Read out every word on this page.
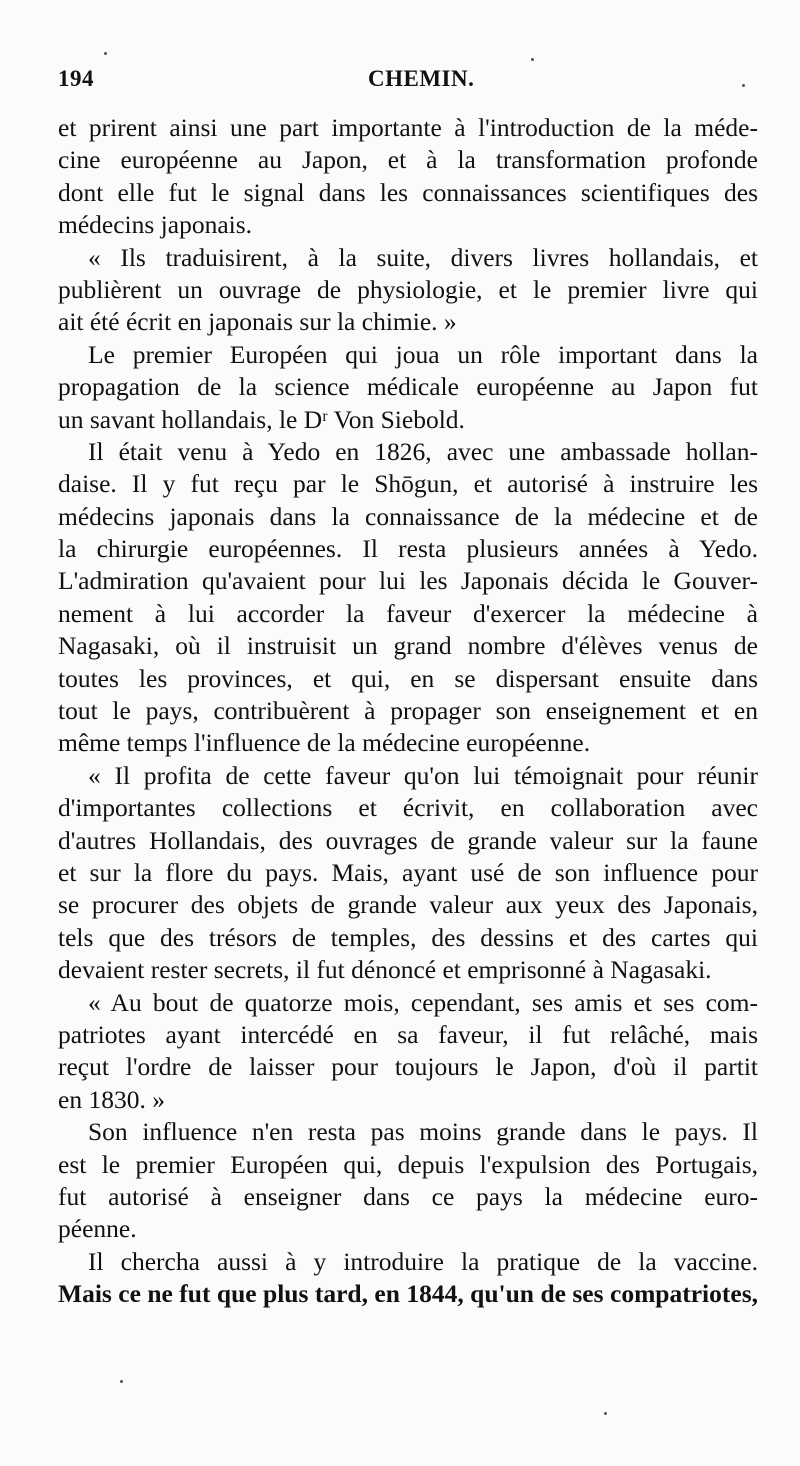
194	CHEMIN.
et prirent ainsi une part importante à l'introduction de la méde-
cine européenne au Japon, et à la transformation profonde
dont elle fut le signal dans les connaissances scientifiques des
médecins japonais.
« Ils traduisirent, à la suite, divers livres hollandais, et
publièrent un ouvrage de physiologie, et le premier livre qui
ait été écrit en japonais sur la chimie. »
Le premier Européen qui joua un rôle important dans la
propagation de la science médicale européenne au Japon fut
un savant hollandais, le Dʳ Von Siebold.
Il était venu à Yedo en 1826, avec une ambassade hollan-
daise. Il y fut reçu par le Shōgun, et autorisé à instruire les
médecins japonais dans la connaissance de la médecine et de
la chirurgie européennes. Il resta plusieurs années à Yedo.
L'admiration qu'avaient pour lui les Japonais décida le Gouver-
nement à lui accorder la faveur d'exercer la médecine à
Nagasaki, où il instruisit un grand nombre d'élèves venus de
toutes les provinces, et qui, en se dispersant ensuite dans
tout le pays, contribuèrent à propager son enseignement et en
même temps l'influence de la médecine européenne.
« Il profita de cette faveur qu'on lui témoignait pour réunir
d'importantes collections et écrivit, en collaboration avec
d'autres Hollandais, des ouvrages de grande valeur sur la faune
et sur la flore du pays. Mais, ayant usé de son influence pour
se procurer des objets de grande valeur aux yeux des Japonais,
tels que des trésors de temples, des dessins et des cartes qui
devaient rester secrets, il fut dénoncé et emprisonné à Nagasaki.
« Au bout de quatorze mois, cependant, ses amis et ses com-
patriotes ayant intercédé en sa faveur, il fut relâché, mais
reçut l'ordre de laisser pour toujours le Japon, d'où il partit
en 1830. »
Son influence n'en resta pas moins grande dans le pays. Il
est le premier Européen qui, depuis l'expulsion des Portugais,
fut autorisé à enseigner dans ce pays la médecine euro-
péenne.
Il chercha aussi à y introduire la pratique de la vaccine.
Mais ce ne fut que plus tard, en 1844, qu'un de ses compatriotes,
